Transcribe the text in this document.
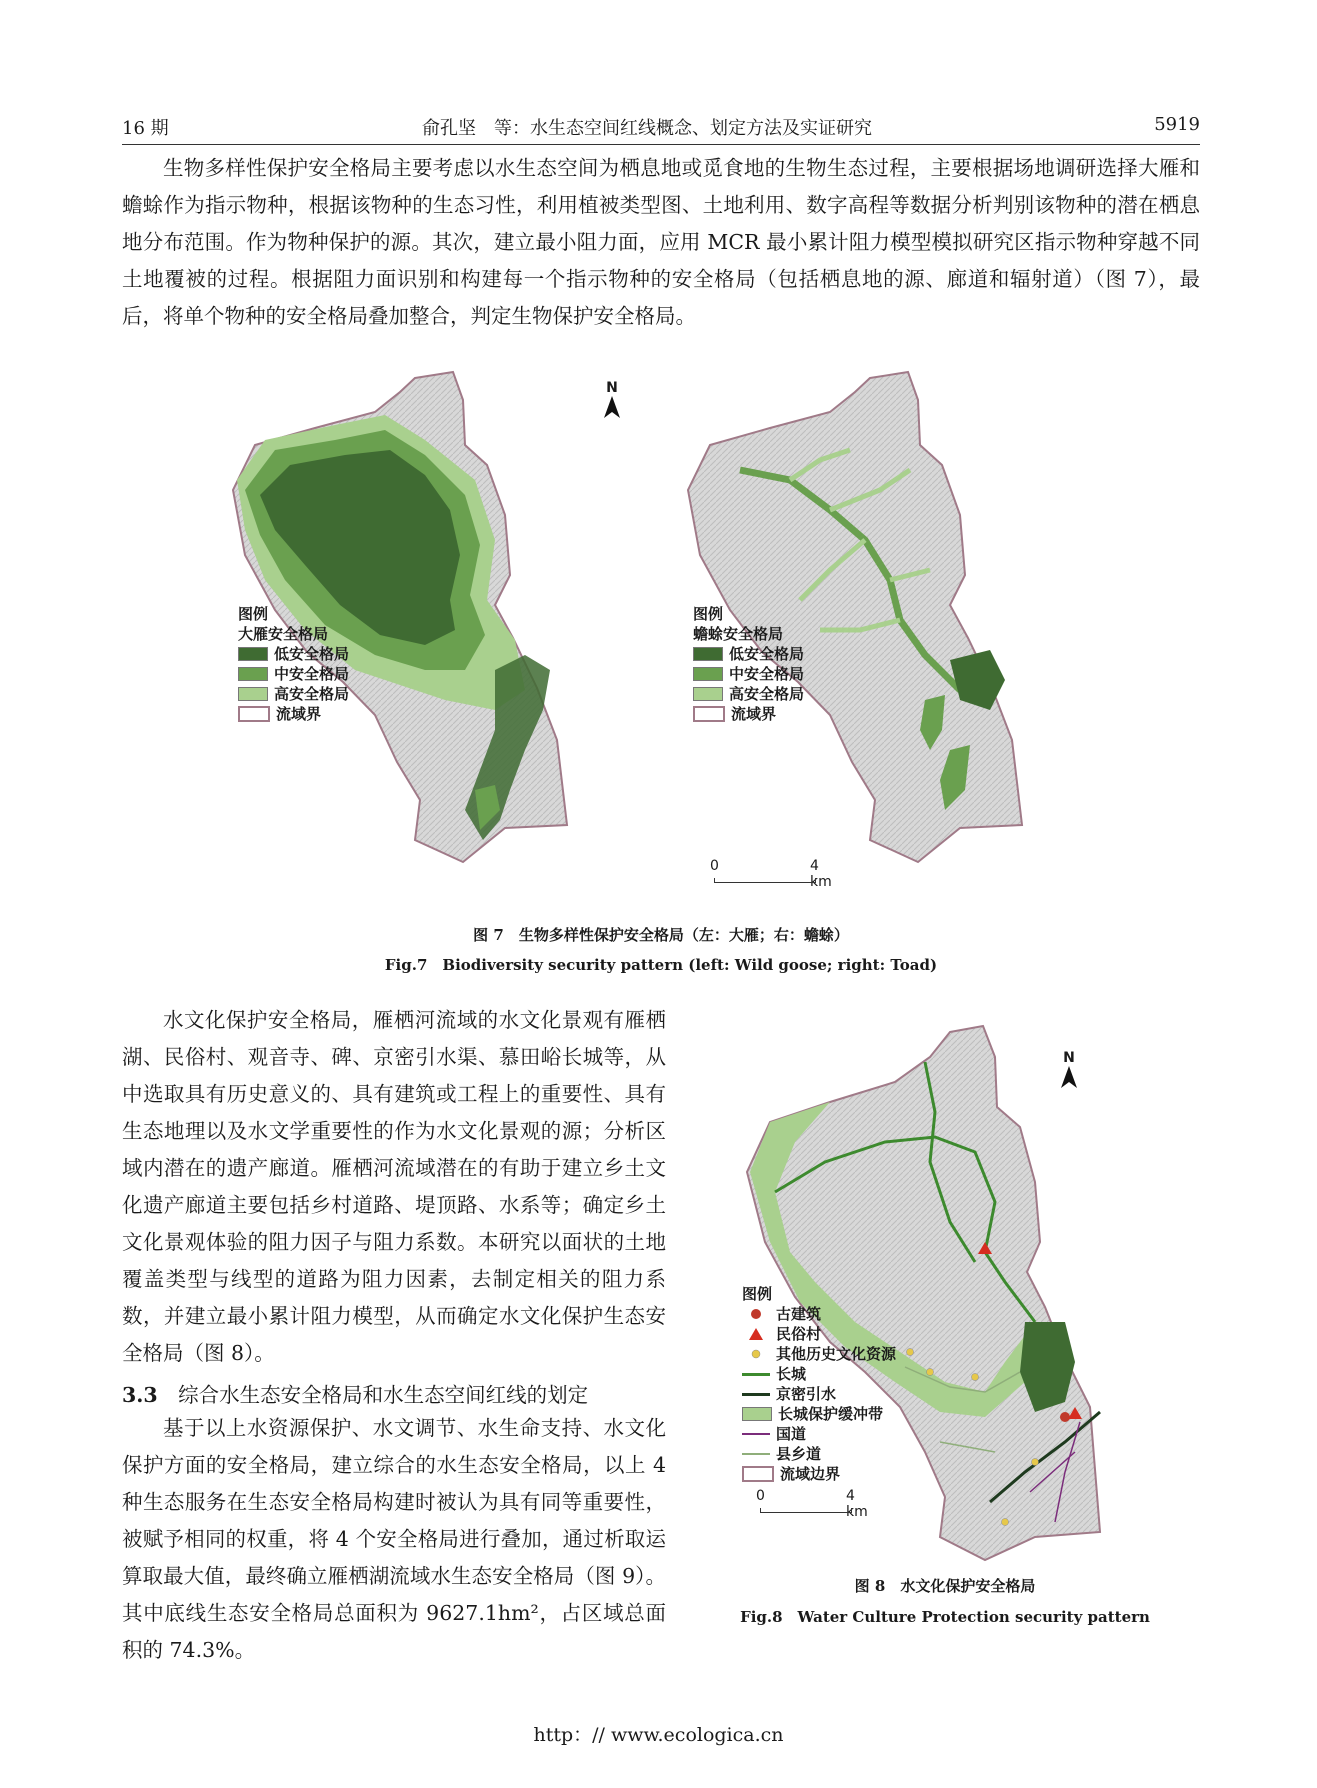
16 期	俞孔坚　等：水生态空间红线概念、划定方法及实证研究	5919

生物多样性保护安全格局主要考虑以水生态空间为栖息地或觅食地的生物生态过程，主要根据场地调研选择大雁和蟾蜍作为指示物种，根据该物种的生态习性，利用植被类型图、土地利用、数字高程等数据分析判别该物种的潜在栖息地分布范围。作为物种保护的源。其次，建立最小阻力面，应用 MCR 最小累计阻力模型模拟研究区指示物种穿越不同土地覆被的过程。根据阻力面识别和构建每一个指示物种的安全格局（包括栖息地的源、廊道和辐射道）（图 7），最后，将单个物种的安全格局叠加整合，判定生物保护安全格局。

图例
大雁安全格局
低安全格局
中安全格局
高安全格局
流域界
N
图例
蟾蜍安全格局
低安全格局
中安全格局
高安全格局
流域界
0	4 km
图 7　生物多样性保护安全格局（左：大雁；右：蟾蜍）
Fig.7　Biodiversity security pattern (left: Wild goose; right: Toad)

水文化保护安全格局，雁栖河流域的水文化景观有雁栖湖、民俗村、观音寺、碑、京密引水渠、慕田峪长城等，从中选取具有历史意义的、具有建筑或工程上的重要性、具有生态地理以及水文学重要性的作为水文化景观的源；分析区域内潜在的遗产廊道。雁栖河流域潜在的有助于建立乡土文化遗产廊道主要包括乡村道路、堤顶路、水系等；确定乡土文化景观体验的阻力因子与阻力系数。本研究以面状的土地覆盖类型与线型的道路为阻力因素，去制定相关的阻力系数，并建立最小累计阻力模型，从而确定水文化保护生态安全格局（图 8）。

3.3　 综合水生态安全格局和水生态空间红线的划定

基于以上水资源保护、水文调节、水生命支持、水文化保护方面的安全格局，建立综合的水生态安全格局，以上 4 种生态服务在生态安全格局构建时被认为具有同等重要性，被赋予相同的权重，将 4 个安全格局进行叠加，通过析取运算取最大值，最终确立雁栖湖流域水生态安全格局（图 9）。其中底线生态安全格局总面积为 9627.1hm²，占区域总面积的 74.3%。

N
图例
古建筑
民俗村
其他历史文化资源
长城
京密引水
长城保护缓冲带
国道
县乡道
流域边界
0	4 km
图 8　水文化保护安全格局
Fig.8　Water Culture Protection security pattern
http：// www.ecologica.cn
